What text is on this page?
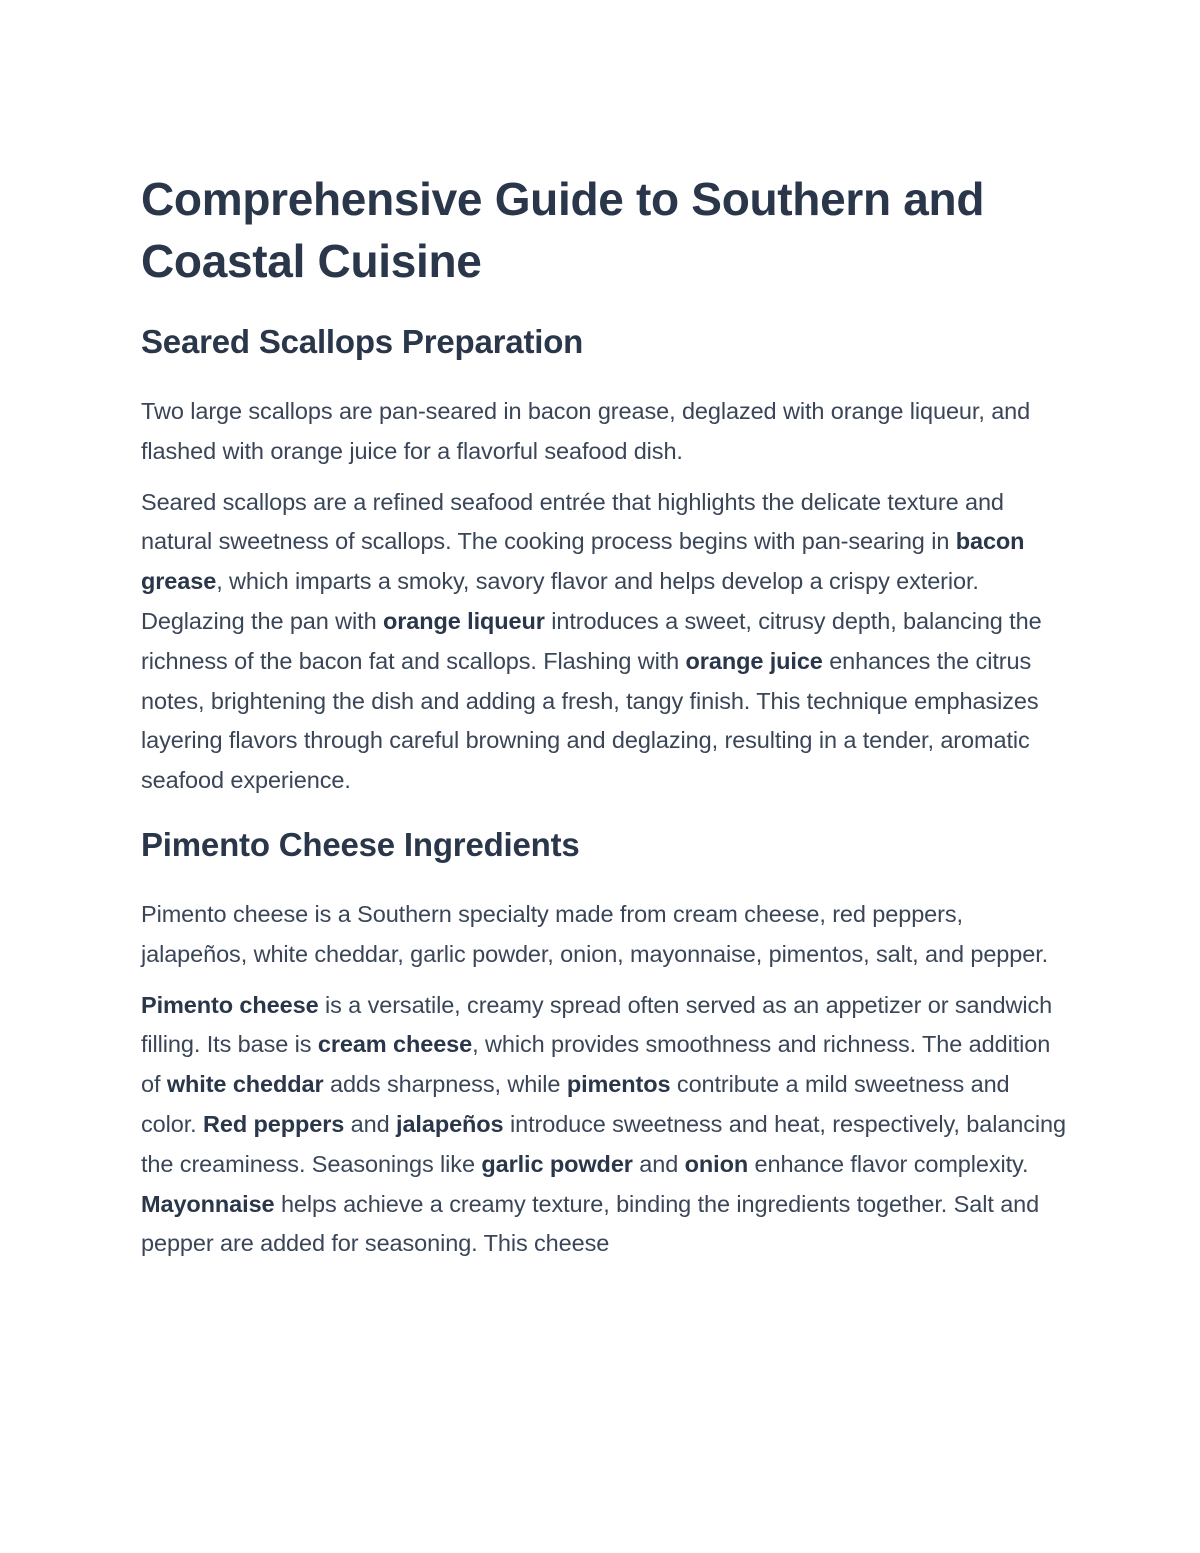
Comprehensive Guide to Southern and Coastal Cuisine
Seared Scallops Preparation

Two large scallops are pan-seared in bacon grease, deglazed with orange liqueur, and flashed with orange juice for a flavorful seafood dish.

Seared scallops are a refined seafood entrée that highlights the delicate texture and natural sweetness of scallops. The cooking process begins with pan-searing in bacon grease, which imparts a smoky, savory flavor and helps develop a crispy exterior. Deglazing the pan with orange liqueur introduces a sweet, citrusy depth, balancing the richness of the bacon fat and scallops. Flashing with orange juice enhances the citrus notes, brightening the dish and adding a fresh, tangy finish. This technique emphasizes layering flavors through careful browning and deglazing, resulting in a tender, aromatic seafood experience.

Pimento Cheese Ingredients

Pimento cheese is a Southern specialty made from cream cheese, red peppers, jalapeños, white cheddar, garlic powder, onion, mayonnaise, pimentos, salt, and pepper.

Pimento cheese is a versatile, creamy spread often served as an appetizer or sandwich filling. Its base is cream cheese, which provides smoothness and richness. The addition of white cheddar adds sharpness, while pimentos contribute a mild sweetness and color. Red peppers and jalapeños introduce sweetness and heat, respectively, balancing the creaminess. Seasonings like garlic powder and onion enhance flavor complexity. Mayonnaise helps achieve a creamy texture, binding the ingredients together. Salt and pepper are added for seasoning. This cheese
